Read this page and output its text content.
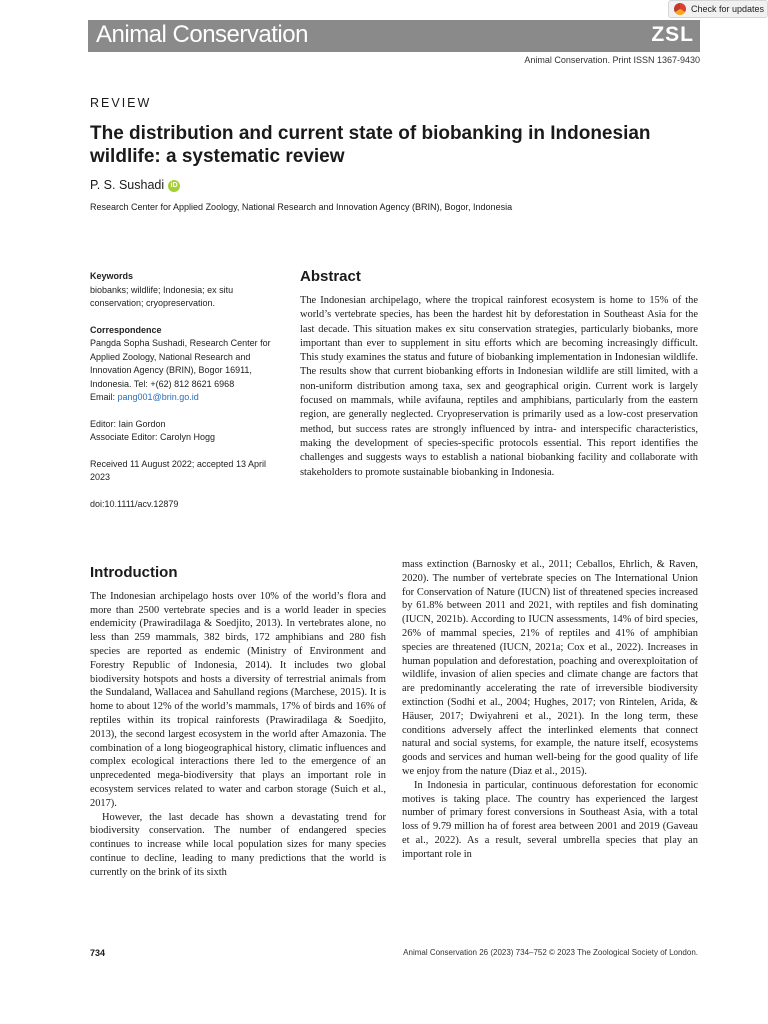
Animal Conservation	ZSL
Check for updates
Animal Conservation. Print ISSN 1367-9430
REVIEW
The distribution and current state of biobanking in Indonesian wildlife: a systematic review
P. S. Sushadi iD
Research Center for Applied Zoology, National Research and Innovation Agency (BRIN), Bogor, Indonesia
Keywords
biobanks; wildlife; Indonesia; ex situ conservation; cryopreservation.
Correspondence
Pangda Sopha Sushadi, Research Center for Applied Zoology, National Research and Innovation Agency (BRIN), Bogor 16911, Indonesia. Tel: +(62) 812 8621 6968
Email: pang001@brin.go.id
Editor: Iain Gordon
Associate Editor: Carolyn Hogg
Received 11 August 2022; accepted 13 April 2023
doi:10.1111/acv.12879
Abstract

The Indonesian archipelago, where the tropical rainforest ecosystem is home to 15% of the world’s vertebrate species, has been the hardest hit by deforestation in Southeast Asia for the last decade. This situation makes ex situ conservation strategies, particularly biobanks, more important than ever to supplement in situ efforts which are becoming increasingly difficult. This study examines the status and future of biobanking implementation in Indonesian wildlife. The results show that current biobanking efforts in Indonesian wildlife are still limited, with a non-uniform distribution among taxa, sex and geographical origin. Current work is largely focused on mammals, while avifauna, reptiles and amphibians, particularly from the eastern region, are generally neglected. Cryopreservation is primarily used as a low-cost preservation method, but success rates are strongly influenced by intra- and interspecific characteristics, making the development of species-specific protocols essential. This report identifies the challenges and suggests ways to establish a national biobanking facility and collaborate with stakeholders to promote sustainable biobanking in Indonesia.

Introduction

The Indonesian archipelago hosts over 10% of the world’s flora and more than 2500 vertebrate species and is a world leader in species endemicity (Prawiradilaga & Soedjito, 2013). In vertebrates alone, no less than 259 mammals, 382 birds, 172 amphibians and 280 fish species are reported as endemic (Ministry of Environment and Forestry Republic of Indonesia, 2014). It includes two global biodiversity hotspots and hosts a diversity of terrestrial animals from the Sundaland, Wallacea and Sahulland regions (Marchese, 2015). It is home to about 12% of the world’s mammals, 17% of birds and 16% of reptiles within its tropical rainforests (Prawiradilaga & Soedjito, 2013), the second largest ecosystem in the world after Amazonia. The combination of a long biogeographical history, climatic influences and complex ecological interactions there led to the emergence of an unprecedented mega-biodiversity that plays an important role in ecosystem services related to water and carbon storage (Suich et al., 2017).

However, the last decade has shown a devastating trend for biodiversity conservation. The number of endangered species continues to increase while local population sizes for many species continue to decline, leading to many predictions that the world is currently on the brink of its sixth

mass extinction (Barnosky et al., 2011; Ceballos, Ehrlich, & Raven, 2020). The number of vertebrate species on The International Union for Conservation of Nature (IUCN) list of threatened species increased by 61.8% between 2011 and 2021, with reptiles and fish dominating (IUCN, 2021b). According to IUCN assessments, 14% of bird species, 26% of mammal species, 21% of reptiles and 41% of amphibian species are threatened (IUCN, 2021a; Cox et al., 2022). Increases in human population and deforestation, poaching and overexploitation of wildlife, invasion of alien species and climate change are factors that are predominantly accelerating the rate of irreversible biodiversity extinction (Sodhi et al., 2004; Hughes, 2017; von Rintelen, Arida, & Häuser, 2017; Dwiyahreni et al., 2021). In the long term, these conditions adversely affect the interlinked elements that connect natural and social systems, for example, the nature itself, ecosystems goods and services and human well-being for the good quality of life we enjoy from the nature (Diaz et al., 2015).

In Indonesia in particular, continuous deforestation for economic motives is taking place. The country has experienced the largest number of primary forest conversions in Southeast Asia, with a total loss of 9.79 million ha of forest area between 2001 and 2019 (Gaveau et al., 2022). As a result, several umbrella species that play an important role in

734	Animal Conservation 26 (2023) 734–752 © 2023 The Zoological Society of London.
